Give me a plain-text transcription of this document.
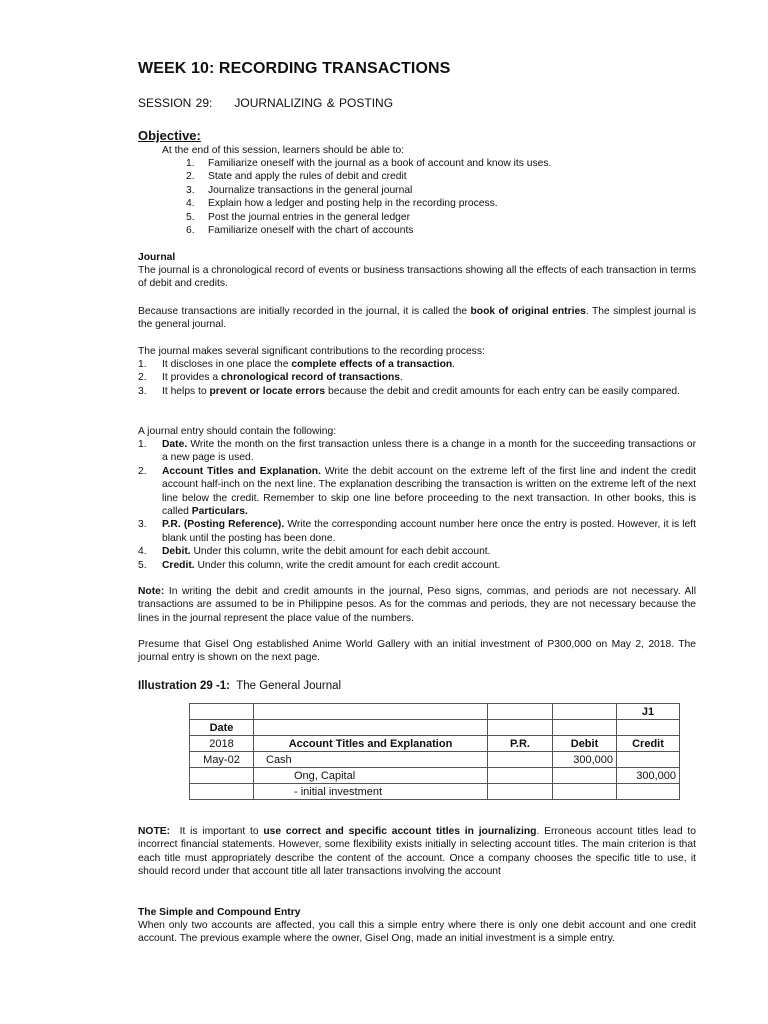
WEEK 10: RECORDING TRANSACTIONS
SESSION 29: JOURNALIZING & POSTING
Objective:
At the end of this session, learners should be able to:
1. Familiarize oneself with the journal as a book of account and know its uses.
2. State and apply the rules of debit and credit
3. Journalize transactions in the general journal
4. Explain how a ledger and posting help in the recording process.
5. Post the journal entries in the general ledger
6. Familiarize oneself with the chart of accounts
Journal
The journal is a chronological record of events or business transactions showing all the effects of each transaction in terms of debit and credits.
Because transactions are initially recorded in the journal, it is called the book of original entries. The simplest journal is the general journal.
The journal makes several significant contributions to the recording process:
1. It discloses in one place the complete effects of a transaction.
2. It provides a chronological record of transactions.
3. It helps to prevent or locate errors because the debit and credit amounts for each entry can be easily compared.
A journal entry should contain the following:
1. Date. Write the month on the first transaction unless there is a change in a month for the succeeding transactions or a new page is used.
2. Account Titles and Explanation. Write the debit account on the extreme left of the first line and indent the credit account half-inch on the next line. The explanation describing the transaction is written on the extreme left of the next line below the credit. Remember to skip one line before proceeding to the next transaction. In other books, this is called Particulars.
3. P.R. (Posting Reference). Write the corresponding account number here once the entry is posted. However, it is left blank until the posting has been done.
4. Debit. Under this column, write the debit amount for each debit account.
5. Credit. Under this column, write the credit amount for each credit account.
Note: In writing the debit and credit amounts in the journal, Peso signs, commas, and periods are not necessary. All transactions are assumed to be in Philippine pesos. As for the commas and periods, they are not necessary because the lines in the journal represent the place value of the numbers.
Presume that Gisel Ong established Anime World Gallery with an initial investment of P300,000 on May 2, 2018. The journal entry is shown on the next page.
Illustration 29 -1:  The General Journal
				J1
Date				
2018	Account Titles and Explanation	P.R.	Debit	Credit
May-02	Cash		300,000	
	Ong, Capital			300,000
	- initial investment			
NOTE:  It is important to use correct and specific account titles in journalizing. Erroneous account titles lead to incorrect financial statements. However, some flexibility exists initially in selecting account titles. The main criterion is that each title must appropriately describe the content of the account. Once a company chooses the specific title to use, it should record under that account title all later transactions involving the account
The Simple and Compound Entry
When only two accounts are affected, you call this a simple entry where there is only one debit account and one credit account. The previous example where the owner, Gisel Ong, made an initial investment is a simple entry.
